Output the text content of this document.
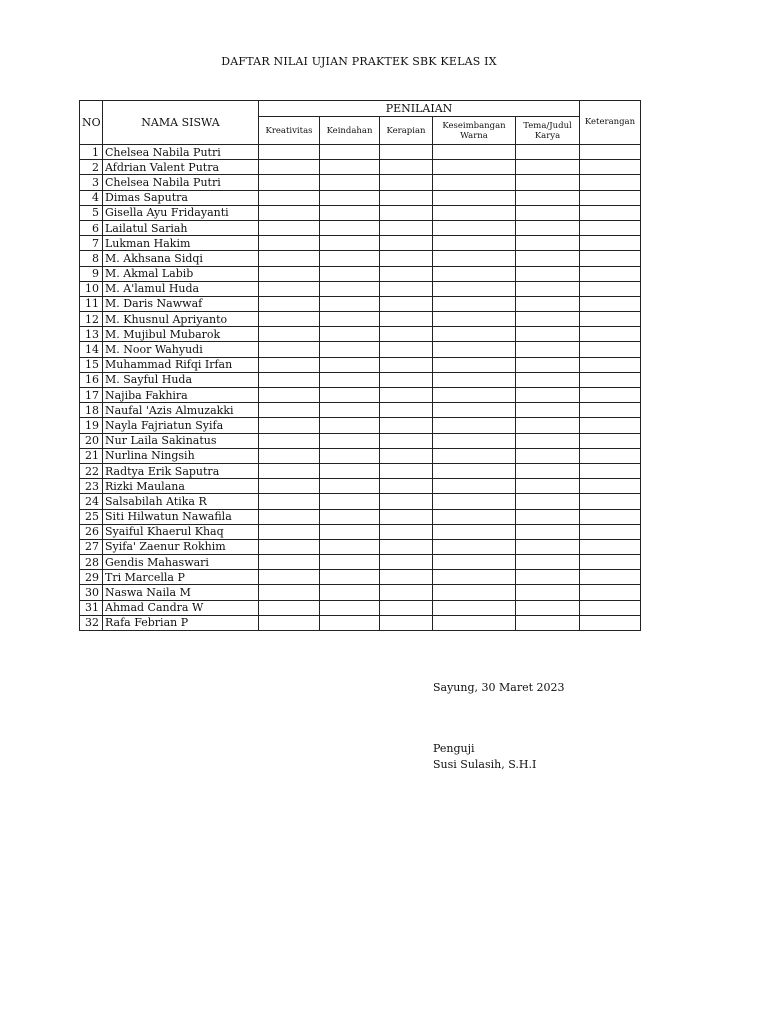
DAFTAR NILAI UJIAN PRAKTEK SBK KELAS IX
NO	NAMA SISWA	PENILAIAN					Keterangan
		Kreativitas	Keindahan	Kerapian	Keseimbangan Warna	Tema/Judul Karya	
1	Chelsea Nabila Putri						
2	Afdrian Valent Putra						
3	Chelsea Nabila Putri						
4	Dimas Saputra						
5	Gisella Ayu Fridayanti						
6	Lailatul Sariah						
7	Lukman Hakim						
8	M. Akhsana Sidqi						
9	M. Akmal Labib						
10	M. A'lamul Huda						
11	M. Daris Nawwaf						
12	M. Khusnul Apriyanto						
13	M. Mujibul Mubarok						
14	M. Noor Wahyudi						
15	Muhammad Rifqi Irfan						
16	M. Sayful Huda						
17	Najiba Fakhira						
18	Naufal 'Azis Almuzakki						
19	Nayla Fajriatun Syifa						
20	Nur Laila Sakinatus						
21	Nurlina Ningsih						
22	Radtya Erik Saputra						
23	Rizki Maulana						
24	Salsabilah Atika R						
25	Siti Hilwatun Nawafila						
26	Syaiful Khaerul Khaq						
27	Syifa' Zaenur Rokhim						
28	Gendis Mahaswari						
29	Tri Marcella P						
30	Naswa Naila M						
31	Ahmad Candra W						
32	Rafa Febrian P						
Sayung, 30 Maret 2023
Penguji
Susi Sulasih, S.H.I
